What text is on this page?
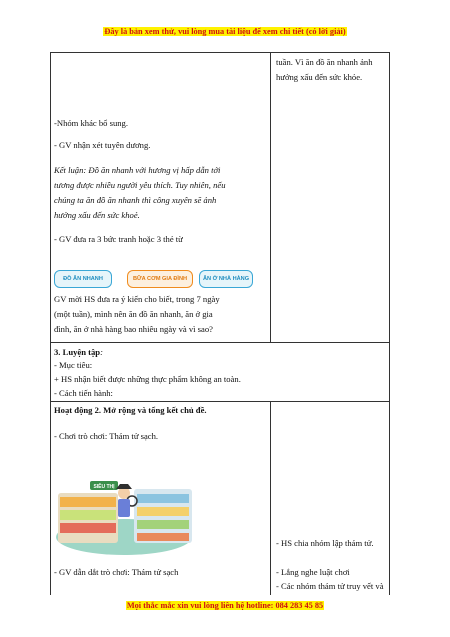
Đây là bản xem thử, vui lòng mua tài liệu để xem chi tiết (có lời giải)
tuần. Vì ăn đồ ăn nhanh ảnh
hưởng xấu đến sức khỏe.
-Nhóm khác bổ sung.
- GV nhận xét tuyên dương.
Kết luận: Đồ ăn nhanh với hương vị hấp dẫn tới
tương được nhiều người yêu thích. Tuy nhiên, nếu
chúng ta ăn đồ ăn nhanh thì công xuyên sẽ ảnh
hưởng xấu đến sức khoẻ.
- GV đưa ra 3 bức tranh hoặc 3 thẻ từ
ĐỒ ĂN NHANH	BỮA CƠM GIA ĐÌNH	ĂN Ở NHÀ HÀNG
GV mời HS đưa ra ý kiến cho biết, trong 7 ngày
(một tuần), mình nên ăn đồ ăn nhanh, ăn ở gia
đình, ăn ở nhà hàng bao nhiêu ngày và vì sao?
3. Luyện tập:
- Mục tiêu:
+ HS nhận biết được những thực phẩm không an toàn.
- Cách tiến hành:
Hoạt động 2. Mở rộng và tổng kết chủ đề.
- Chơi trò chơi: Thám tử sạch.
SIÊU THỊ
- GV dẫn dắt trò chơi: Thám tử sạch
- HS chia nhóm lập thám tử.
- Lắng nghe luật chơi
- Các nhóm thám tử truy vết và
Mọi thắc mắc xin vui lòng liên hệ hotline: 084 283 45 85
